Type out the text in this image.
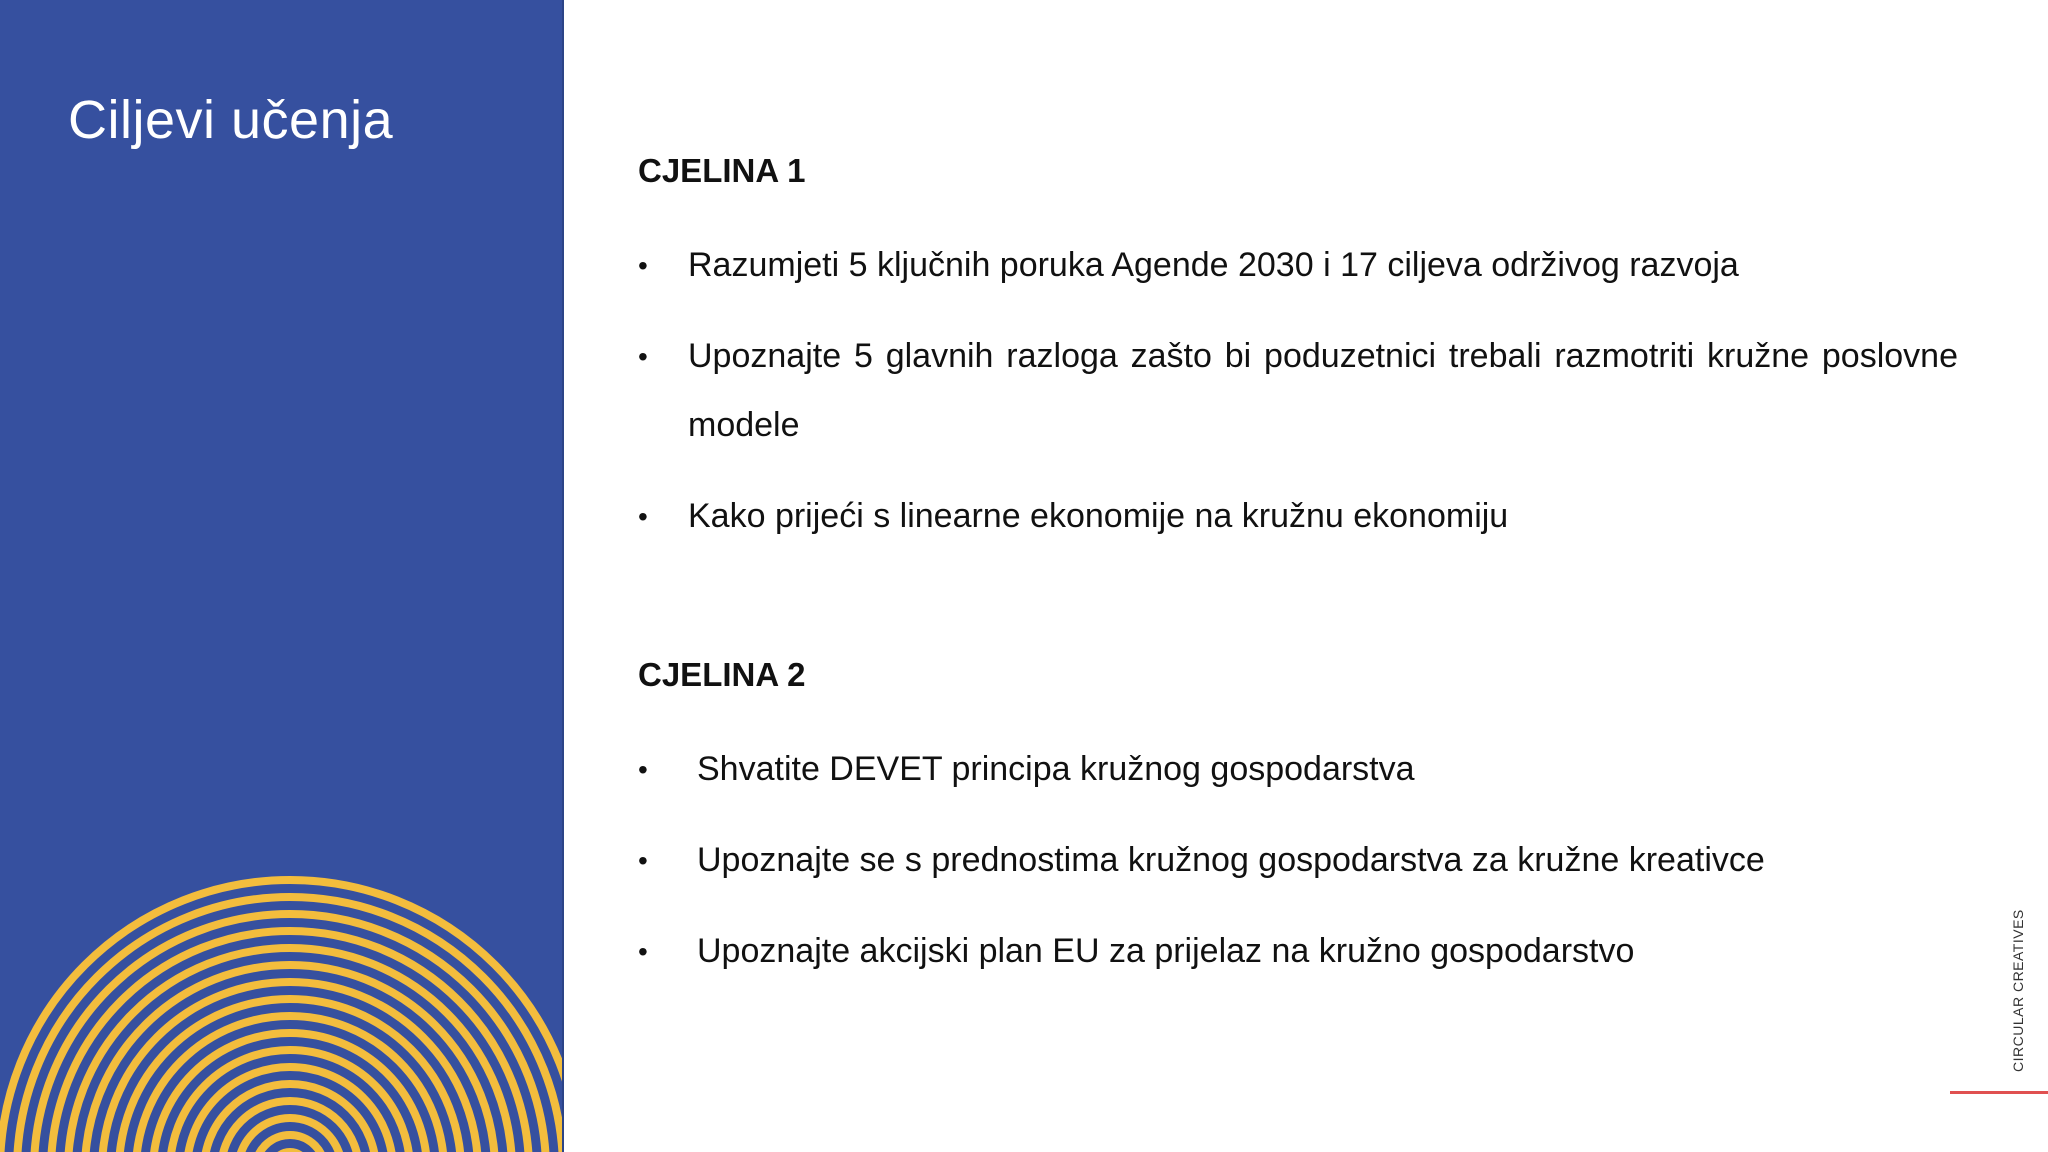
Ciljevi učenja
CJELINA 1
• Razumjeti 5 ključnih poruka Agende 2030 i 17 ciljeva održivog razvoja
• Upoznajte 5 glavnih razloga zašto bi poduzetnici trebali razmotriti kružne poslovne modele
• Kako prijeći s linearne ekonomije na kružnu ekonomiju
CJELINA 2
• Shvatite DEVET principa kružnog gospodarstva
• Upoznajte se s prednostima kružnog gospodarstva za kružne kreativce
• Upoznajte akcijski plan EU za prijelaz na kružno gospodarstvo	CIRCULAR CREATIVES
